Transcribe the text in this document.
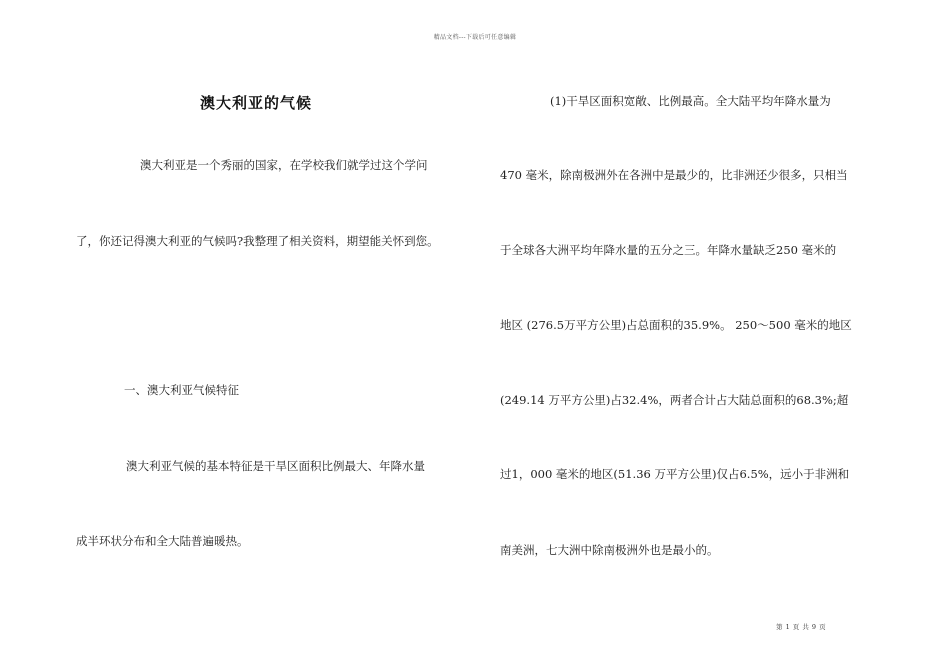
精品文档---下载后可任意编辑
澳大利亚的气候
澳大利亚是一个秀丽的国家，在学校我们就学过这个学问
了，你还记得澳大利亚的气候吗?我整理了相关资料，期望能关怀到您。
一、澳大利亚气候特征
澳大利亚气候的基本特征是干旱区面积比例最大、年降水量
成半环状分布和全大陆普遍暖热。
(1)干旱区面积宽敞、比例最高。全大陆平均年降水量为
470 毫米，除南极洲外在各洲中是最少的，比非洲还少很多，只相当
于全球各大洲平均年降水量的五分之三。年降水量缺乏250 毫米的
地区 (276.5万平方公里)占总面积的35.9%。 250～500 毫米的地区
(249.14 万平方公里)占32.4%，两者合计占大陆总面积的68.3%;超
过1，000 毫米的地区(51.36 万平方公里)仅占6.5%，远小于非洲和
南美洲，七大洲中除南极洲外也是最小的。
第 1 页 共 9 页
